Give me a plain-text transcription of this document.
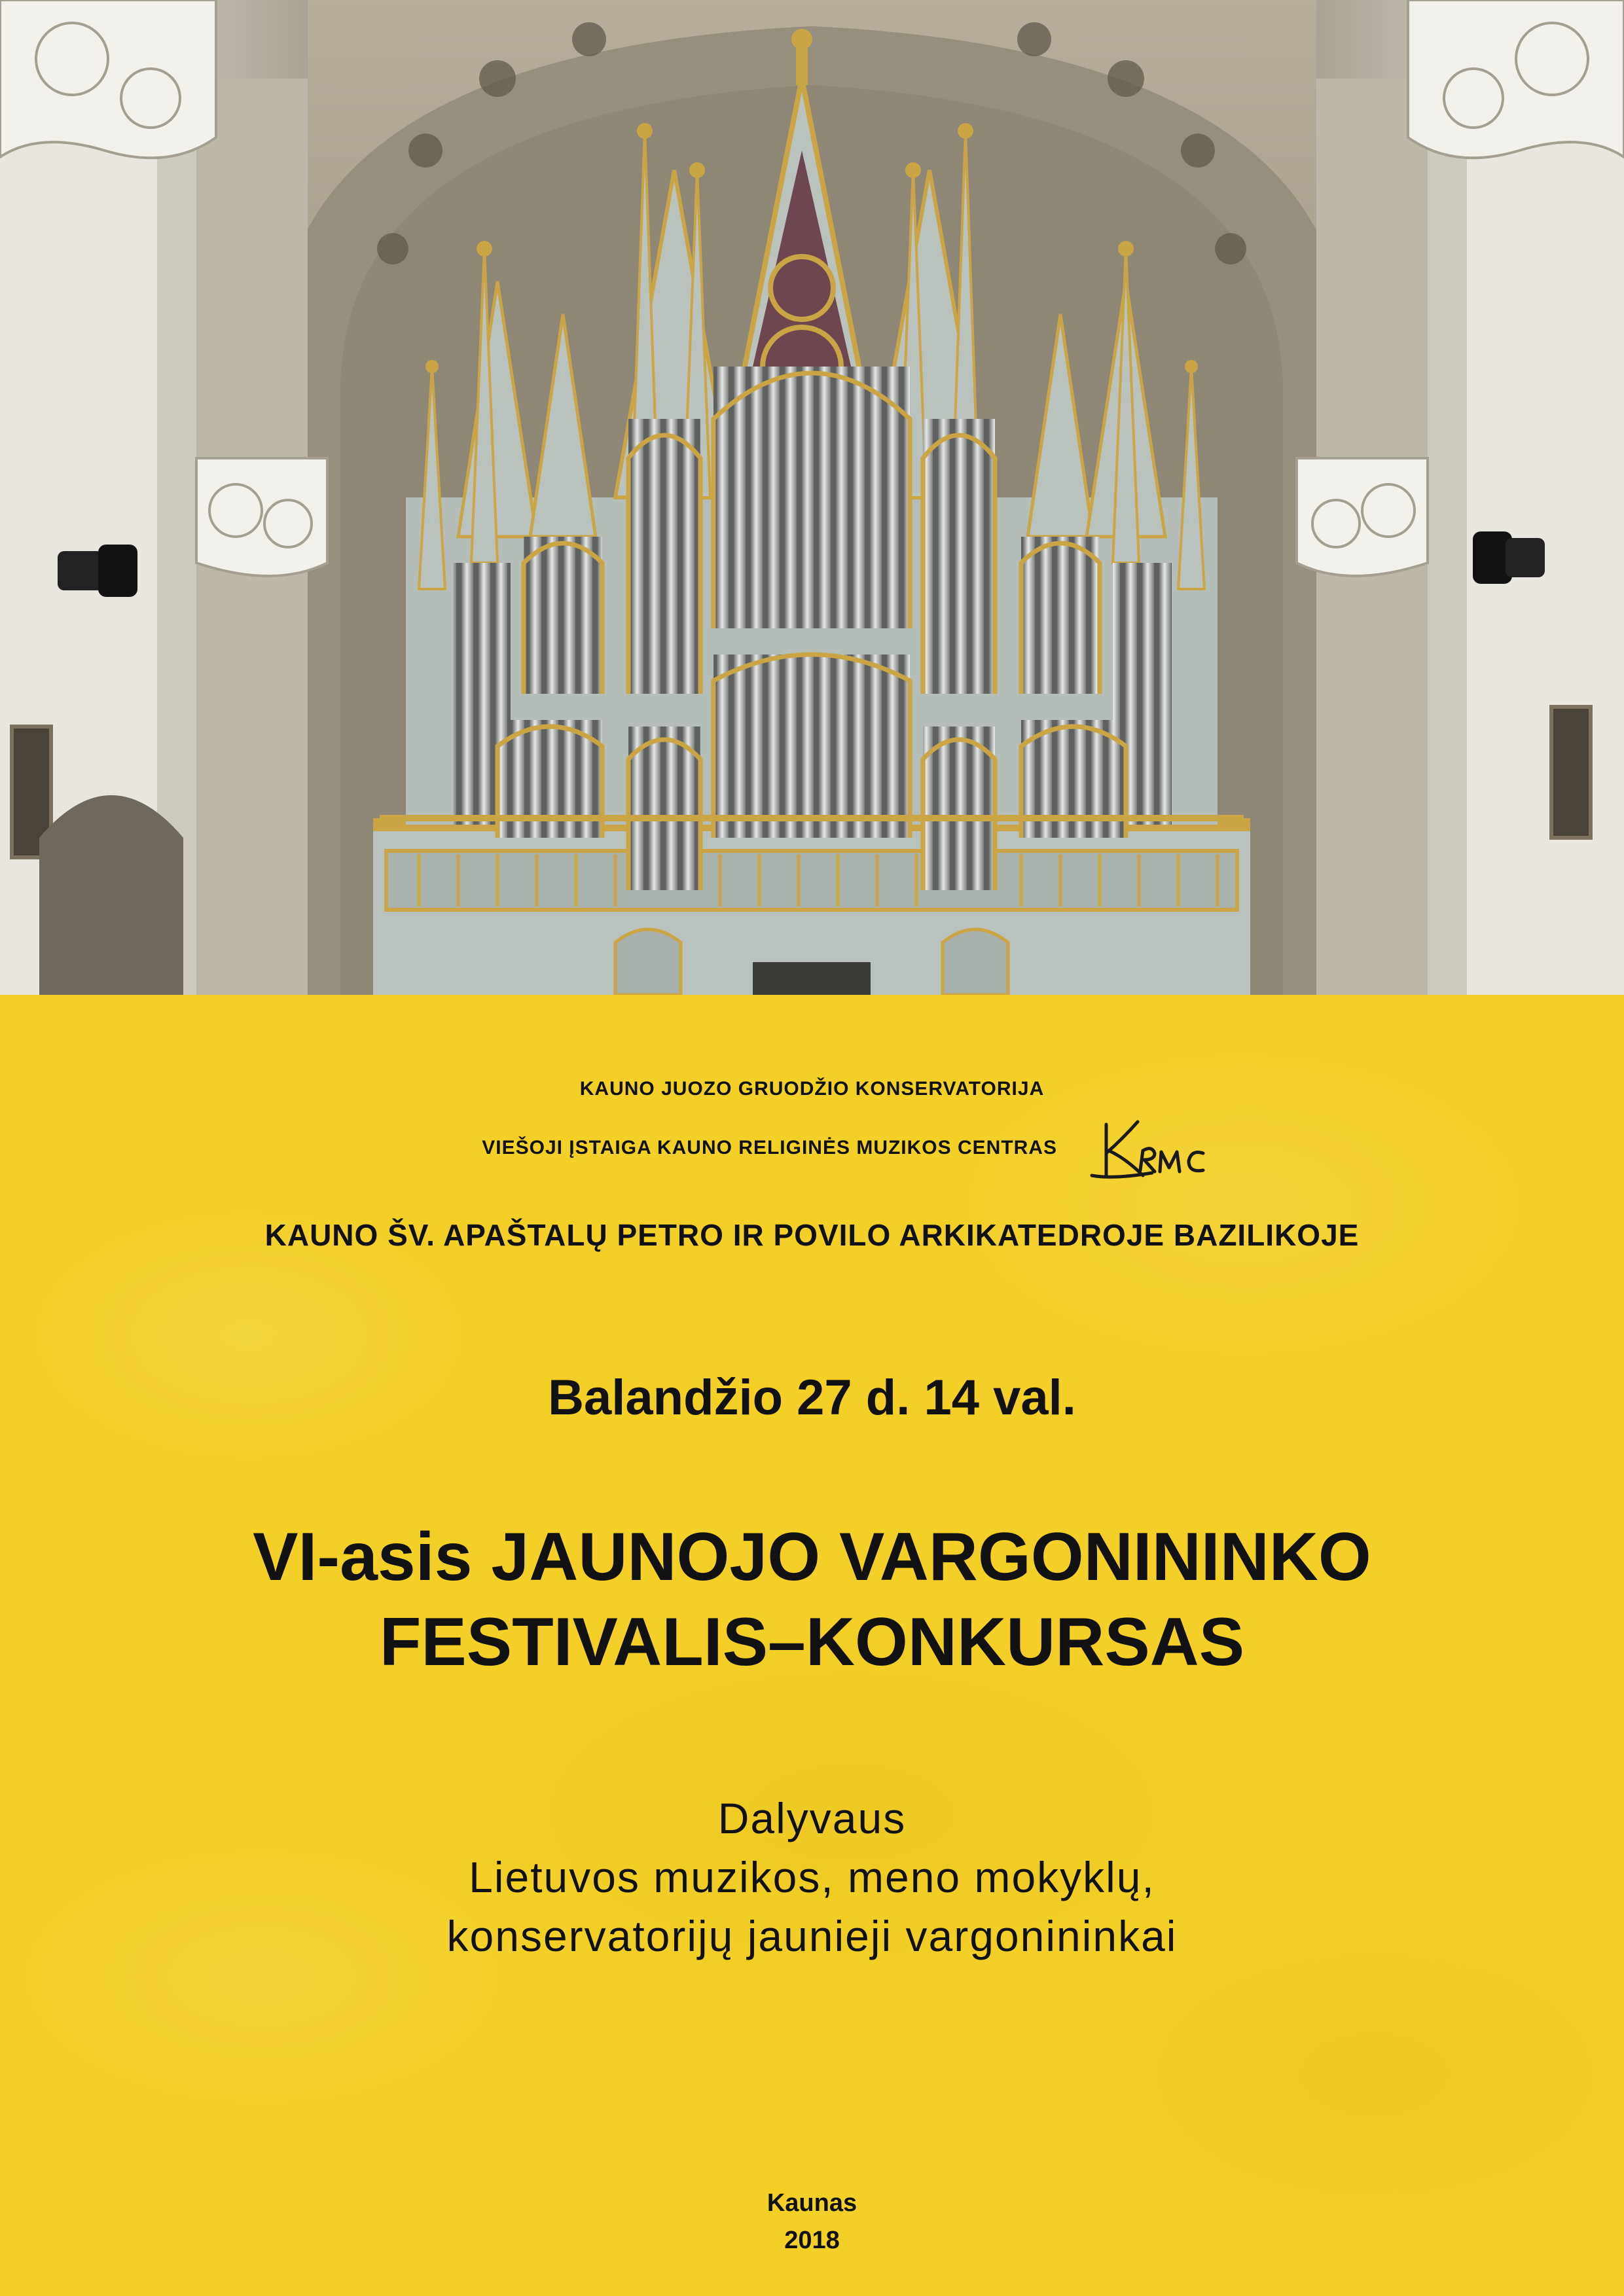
KAUNO JUOZO GRUODŽIO KONSERVATORIJA
VIEŠOJI ĮSTAIGA KAUNO RELIGINĖS MUZIKOS CENTRAS
KAUNO ŠV. APAŠTALŲ PETRO IR POVILO ARKIKATEDROJE BAZILIKOJE
Balandžio 27 d. 14 val.
VI-asis JAUNOJO VARGONININKO
FESTIVALIS–KONKURSAS
Dalyvaus
Lietuvos muzikos, meno mokyklų,
konservatorijų jaunieji vargonininkai
Kaunas
2018
